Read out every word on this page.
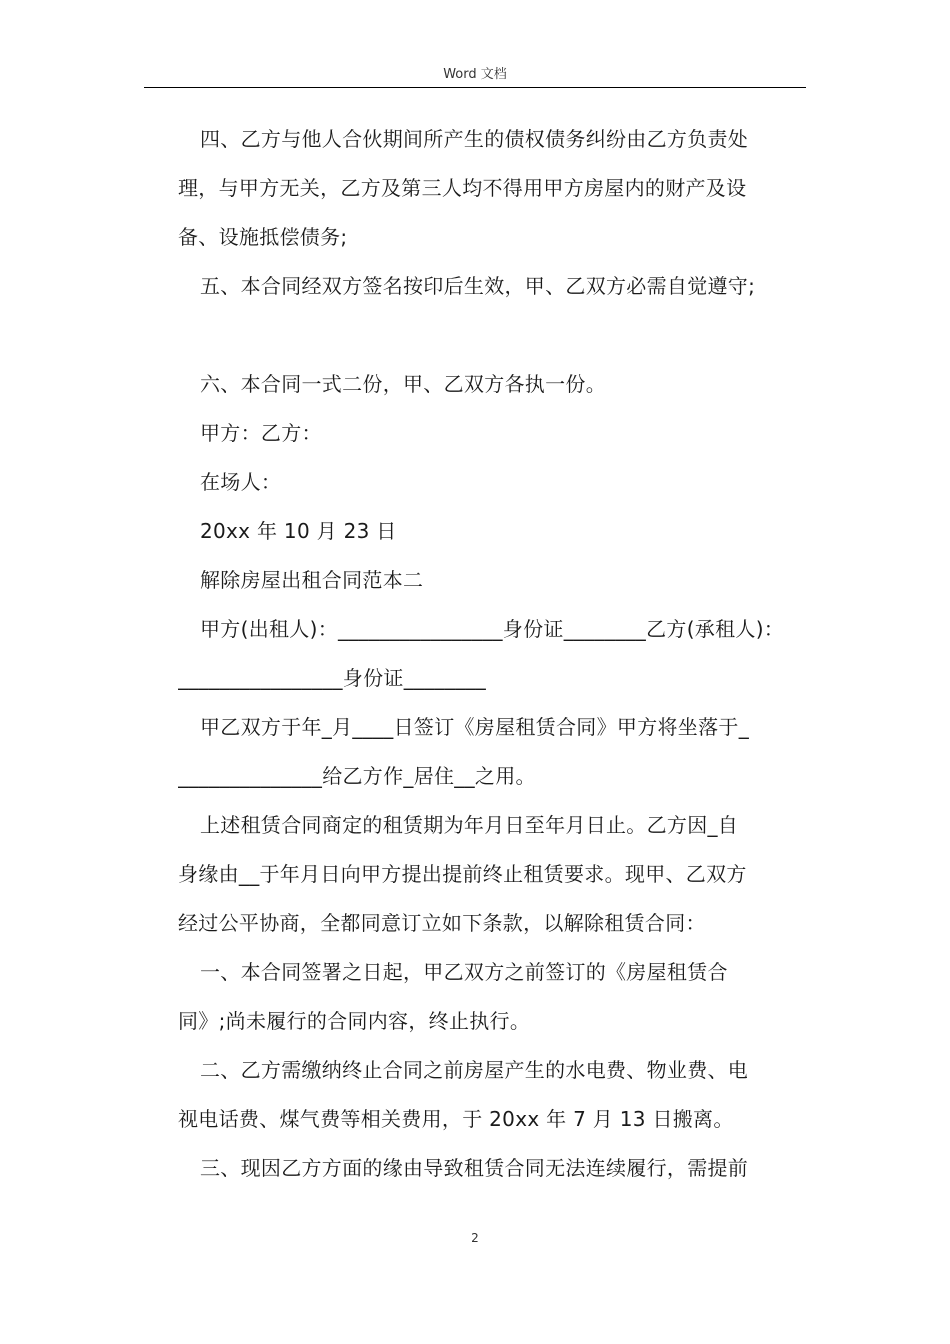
Word 文档
四、乙方与他人合伙期间所产生的债权债务纠纷由乙方负责处
理，与甲方无关，乙方及第三人均不得用甲方房屋内的财产及设
备、设施抵偿债务;
五、本合同经双方签名按印后生效，甲、乙双方必需自觉遵守;
六、本合同一式二份，甲、乙双方各执一份。
甲方：乙方：
在场人：
20xx 年 10 月 23 日
解除房屋出租合同范本二
甲方(出租人)：________________身份证________乙方(承租人)：
________________身份证________
甲乙双方于年_月____日签订《房屋租赁合同》甲方将坐落于_
______________给乙方作_居住__之用。
上述租赁合同商定的租赁期为年月日至年月日止。乙方因_自
身缘由__于年月日向甲方提出提前终止租赁要求。现甲、乙双方
经过公平协商，全都同意订立如下条款，以解除租赁合同：
一、本合同签署之日起，甲乙双方之前签订的《房屋租赁合
同》;尚未履行的合同内容，终止执行。
二、乙方需缴纳终止合同之前房屋产生的水电费、物业费、电
视电话费、煤气费等相关费用，于 20xx 年 7 月 13 日搬离。
三、现因乙方方面的缘由导致租赁合同无法连续履行，需提前
2
